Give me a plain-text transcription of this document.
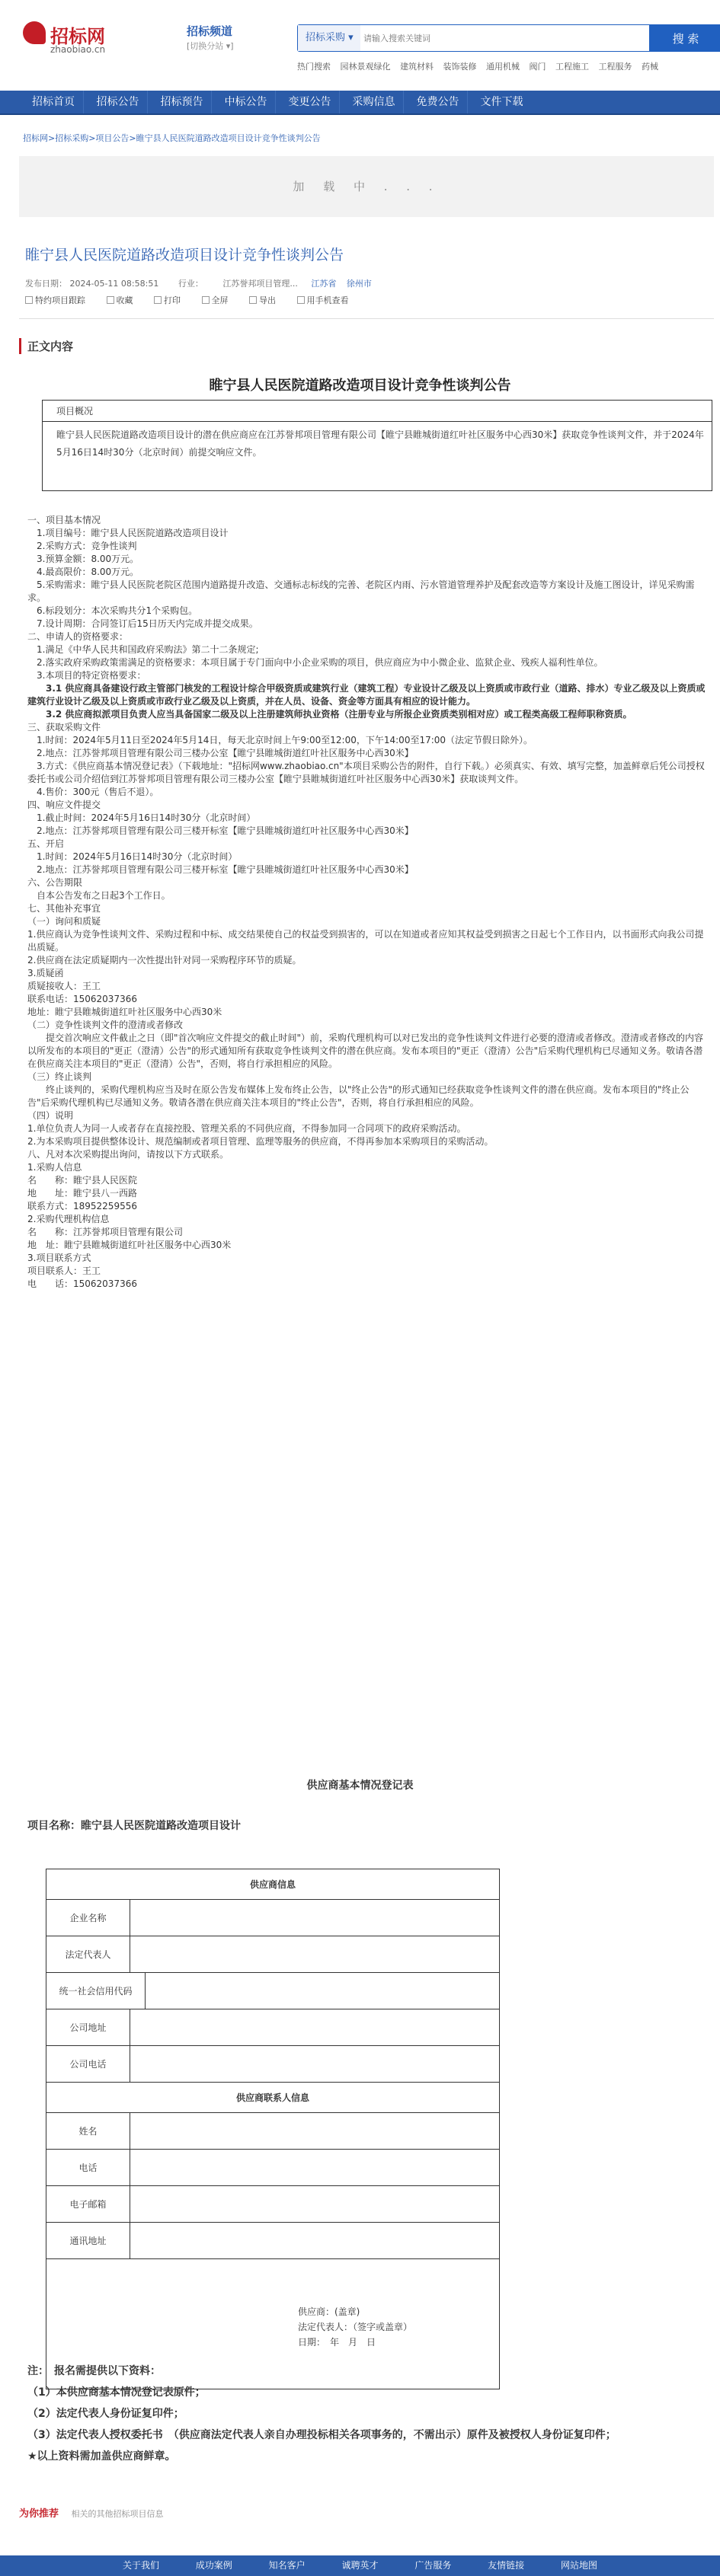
招标网
zhaobiao.cn
招标频道
[切换分站 ▾]
招标采购 ▾
请输入搜索关键词	搜 索
热门搜索 园林景观绿化 建筑材料 装饰装修 通用机械 阀门 工程施工 工程服务 药械
招标首页	招标公告	招标预告	中标公告	变更公告	采购信息	免费公告	文件下载
招标网>招标采购>项目公告>睢宁县人民医院道路改造项目设计竞争性谈判公告
加 载 中 . . .
睢宁县人民医院道路改造项目设计竞争性谈判公告
发布日期： 2024-05-11 08:58:51 行业： 江苏誉邦项目管理... 江苏省 徐州市
特约项目跟踪	收藏	打印	全屏	导出	用手机查看
正文内容
睢宁县人民医院道路改造项目设计竞争性谈判公告
项目概况
睢宁县人民医院道路改造项目设计的潜在供应商应在江苏誉邦项目管理有限公司【睢宁县睢城街道红叶社区服务中心西30米】获取竞争性谈判文件，并于2024年5月16日14时30分（北京时间）前提交响应文件。

一、项目基本情况

　1.项目编号：睢宁县人民医院道路改造项目设计

　2.采购方式：竞争性谈判

　3.预算金额：8.00万元。

　4.最高限价：8.00万元。

　5.采购需求：睢宁县人民医院老院区范围内道路提升改造、交通标志标线的完善、老院区内雨、污水管道管理养护及配套改造等方案设计及施工图设计，详见采购需求。

　6.标段划分：本次采购共分1个采购包。

　7.设计周期：合同签订后15日历天内完成并提交成果。

二、申请人的资格要求：

　1.满足《中华人民共和国政府采购法》第二十二条规定;

　2.落实政府采购政策需满足的资格要求：本项目属于专门面向中小企业采购的项目，供应商应为中小微企业、监狱企业、残疾人福利性单位。

　3.本项目的特定资格要求：

　　3.1 供应商具备建设行政主管部门核发的工程设计综合甲级资质或建筑行业（建筑工程）专业设计乙级及以上资质或市政行业（道路、排水）专业乙级及以上资质或建筑行业设计乙级及以上资质或市政行业乙级及以上资质，并在人员、设备、资金等方面具有相应的设计能力。

　　3.2 供应商拟派项目负责人应当具备国家二级及以上注册建筑师执业资格（注册专业与所报企业资质类别相对应）或工程类高级工程师职称资质。

三、获取采购文件

　1.时间：2024年5月11日至2024年5月14日，每天北京时间上午9:00至12:00，下午14:00至17:00（法定节假日除外）。

　2.地点：江苏誉邦项目管理有限公司三楼办公室【睢宁县睢城街道红叶社区服务中心西30米】

　3.方式：《供应商基本情况登记表》（下载地址："招标网www.zhaobiao.cn"本项目采购公告的附件，自行下载。）必须真实、有效、填写完整，加盖鲜章后凭公司授权委托书或公司介绍信到江苏誉邦项目管理有限公司三楼办公室【睢宁县睢城街道红叶社区服务中心西30米】获取谈判文件。

　4.售价：300元（售后不退）。

四、响应文件提交

　1.截止时间：2024年5月16日14时30分（北京时间）

　2.地点：江苏誉邦项目管理有限公司三楼开标室【睢宁县睢城街道红叶社区服务中心西30米】

五、开启

　1.时间：2024年5月16日14时30分（北京时间）

　2.地点：江苏誉邦项目管理有限公司三楼开标室【睢宁县睢城街道红叶社区服务中心西30米】

六、公告期限

　自本公告发布之日起3个工作日。

七、其他补充事宜

（一）询问和质疑

1.供应商认为竞争性谈判文件、采购过程和中标、成交结果使自己的权益受到损害的，可以在知道或者应知其权益受到损害之日起七个工作日内，以书面形式向我公司提出质疑。

2.供应商在法定质疑期内一次性提出针对同一采购程序环节的质疑。

3.质疑函

质疑接收人：王工

联系电话：15062037366

地址：睢宁县睢城街道红叶社区服务中心西30米

（二）竞争性谈判文件的澄清或者修改

　　提交首次响应文件截止之日（即"首次响应文件提交的截止时间"）前，采购代理机构可以对已发出的竞争性谈判文件进行必要的澄清或者修改。澄清或者修改的内容以所发布的本项目的"更正（澄清）公告"的形式通知所有获取竞争性谈判文件的潜在供应商。发布本项目的"更正（澄清）公告"后采购代理机构已尽通知义务。敬请各潜在供应商关注本项目的"更正（澄清）公告"，否则，将自行承担相应的风险。

（三）终止谈判

　　终止谈判的，采购代理机构应当及时在原公告发布媒体上发布终止公告，以"终止公告"的形式通知已经获取竞争性谈判文件的潜在供应商。发布本项目的"终止公告"后采购代理机构已尽通知义务。敬请各潜在供应商关注本项目的"终止公告"，否则，将自行承担相应的风险。

（四）说明

1.单位负责人为同一人或者存在直接控股、管理关系的不同供应商，不得参加同一合同项下的政府采购活动。

2.为本采购项目提供整体设计、规范编制或者项目管理、监理等服务的供应商，不得再参加本采购项目的采购活动。

八、凡对本次采购提出询问，请按以下方式联系。

1.采购人信息

名　　称：睢宁县人民医院

地　　址：睢宁县八一西路

联系方式：18952259556

2.采购代理机构信息

名　　称：江苏誉邦项目管理有限公司

地　址：睢宁县睢城街道红叶社区服务中心西30米

3.项目联系方式

项目联系人：王工

电　　话：15062037366

供应商基本情况登记表
项目名称：睢宁县人民医院道路改造项目设计
供应商信息
企业名称
法定代表人
统一社会信用代码
公司地址
公司电话
供应商联系人信息
姓名
电话
电子邮箱
通讯地址
供应商：(盖章)
法定代表人：（签字或盖章）
日期：　年　月　日
注：　报名需提供以下资料：
（1）本供应商基本情况登记表原件；
（2）法定代表人身份证复印件；
（3）法定代表人授权委托书　（供应商法定代表人亲自办理投标相关各项事务的，不需出示）原件及被授权人身份证复印件；
★以上资料需加盖供应商鲜章。
为你推荐 相关的其他招标项目信息
关于我们	成功案例	知名客户	诚聘英才	广告服务	友情链接	网站地图
